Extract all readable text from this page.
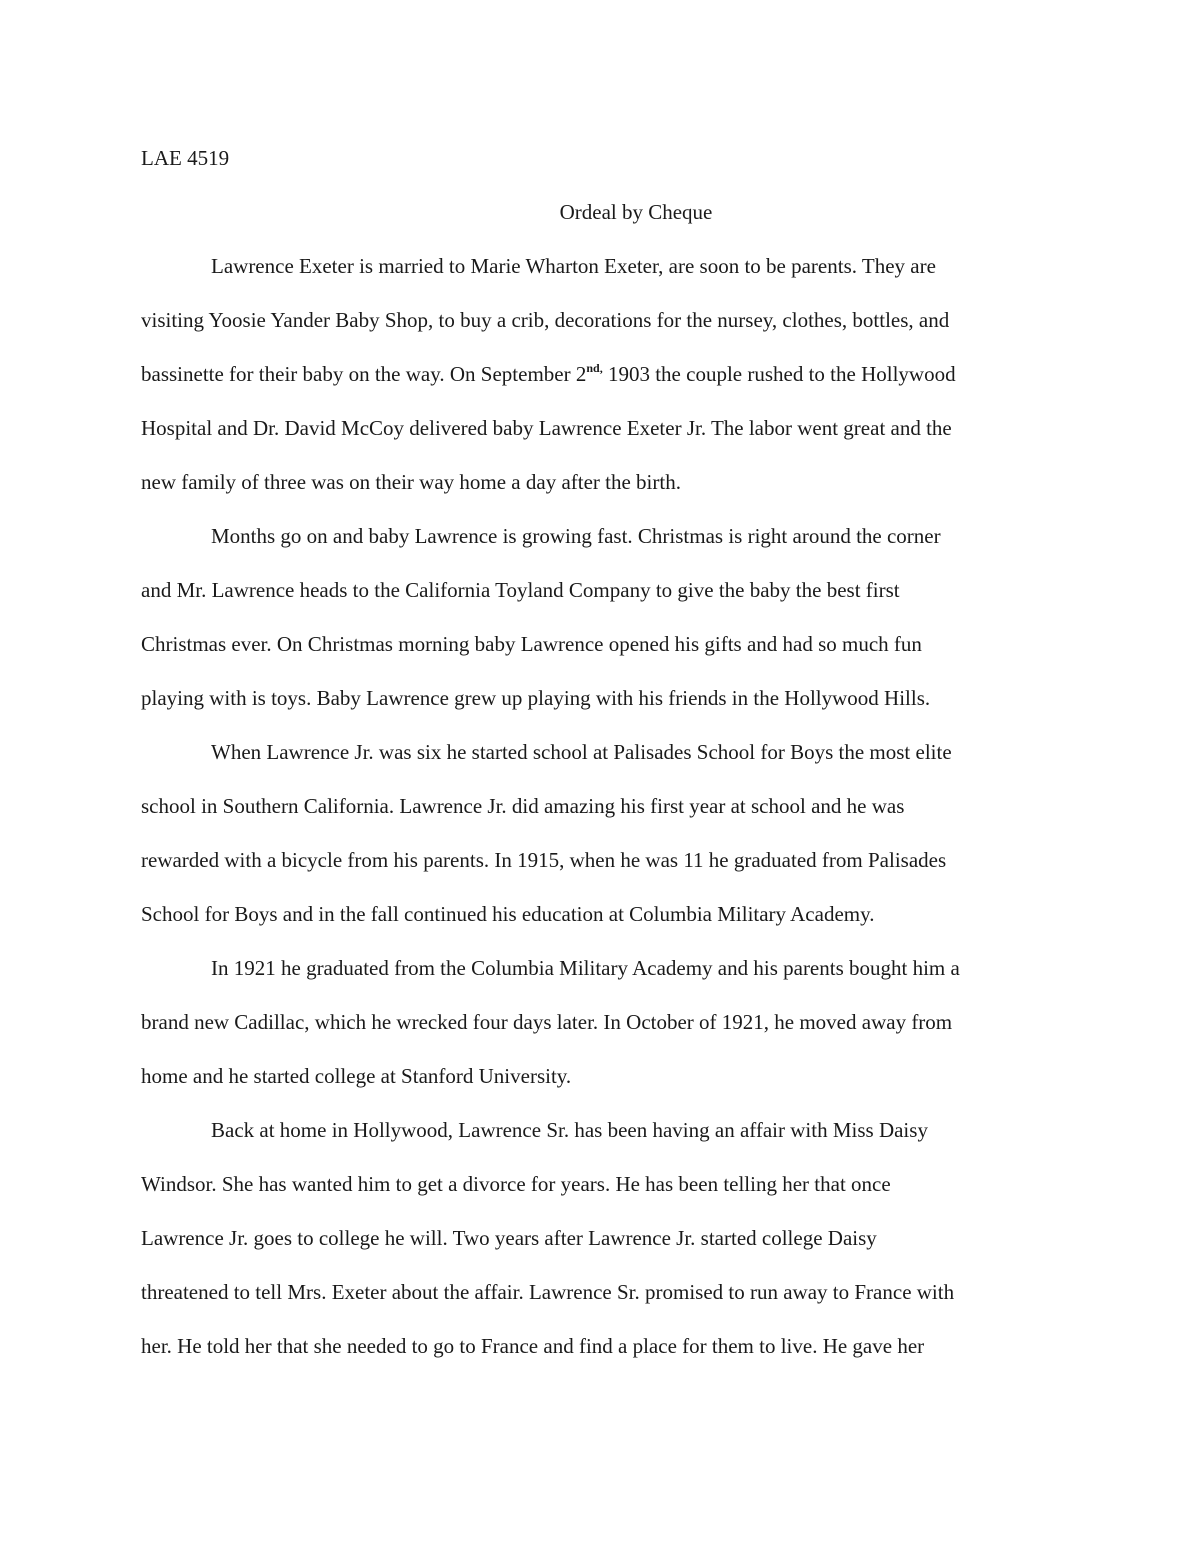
LAE 4519
Ordeal by Cheque
Lawrence Exeter is married to Marie Wharton Exeter, are soon to be parents. They are
visiting Yoosie Yander Baby Shop, to buy a crib, decorations for the nursey, clothes, bottles, and
bassinette for their baby on the way. On September $2^{nd,}$ 1903 the couple rushed to the Hollywood
Hospital and Dr. David McCoy delivered baby Lawrence Exeter Jr. The labor went great and the
new family of three was on their way home a day after the birth.
Months go on and baby Lawrence is growing fast. Christmas is right around the corner
and Mr. Lawrence heads to the California Toyland Company to give the baby the best first
Christmas ever. On Christmas morning baby Lawrence opened his gifts and had so much fun
playing with is toys. Baby Lawrence grew up playing with his friends in the Hollywood Hills.
When Lawrence Jr. was six he started school at Palisades School for Boys the most elite
school in Southern California. Lawrence Jr. did amazing his first year at school and he was
rewarded with a bicycle from his parents. In 1915, when he was 11 he graduated from Palisades
School for Boys and in the fall continued his education at Columbia Military Academy.
In 1921 he graduated from the Columbia Military Academy and his parents bought him a
brand new Cadillac, which he wrecked four days later. In October of 1921, he moved away from
home and he started college at Stanford University.
Back at home in Hollywood, Lawrence Sr. has been having an affair with Miss Daisy
Windsor. She has wanted him to get a divorce for years. He has been telling her that once
Lawrence Jr. goes to college he will. Two years after Lawrence Jr. started college Daisy
threatened to tell Mrs. Exeter about the affair. Lawrence Sr. promised to run away to France with
her. He told her that she needed to go to France and find a place for them to live. He gave her
